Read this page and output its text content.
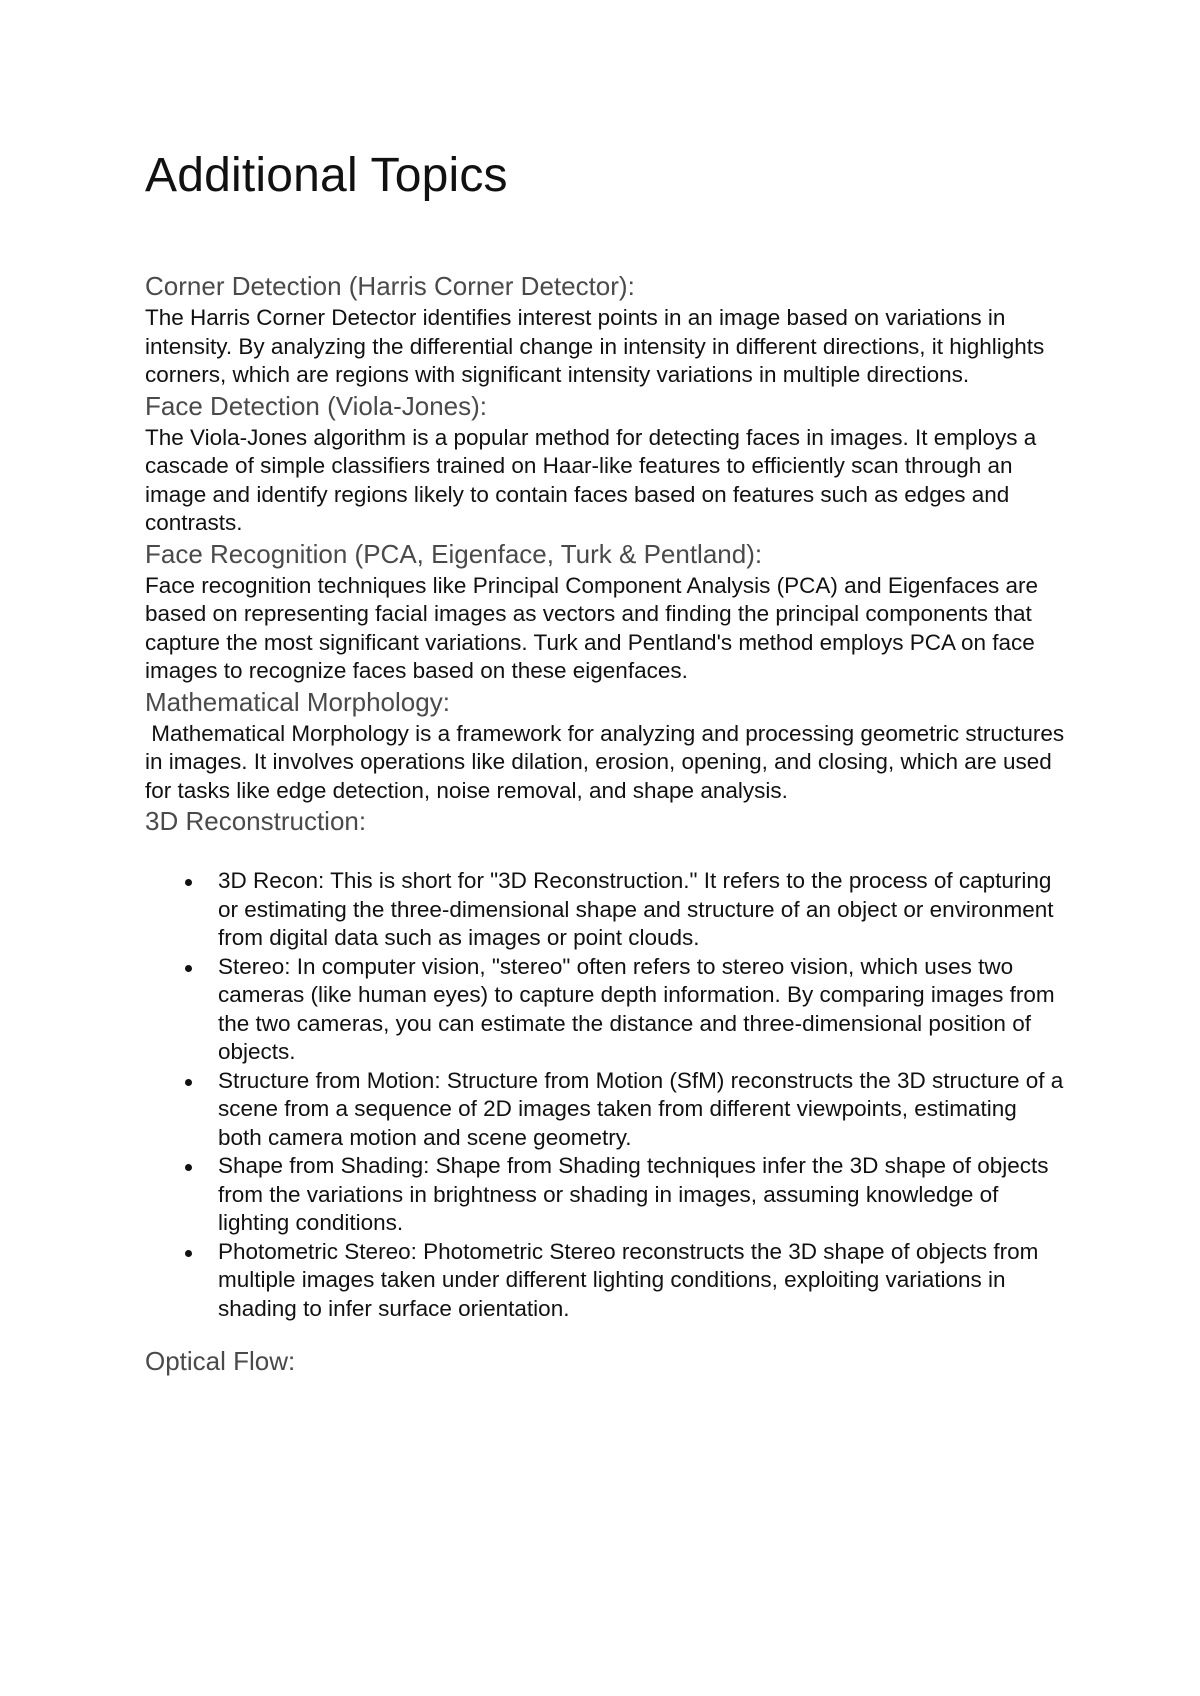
Additional Topics
Corner Detection (Harris Corner Detector):

The Harris Corner Detector identifies interest points in an image based on variations in intensity. By analyzing the differential change in intensity in different directions, it highlights corners, which are regions with significant intensity variations in multiple directions.

Face Detection (Viola-Jones):

The Viola-Jones algorithm is a popular method for detecting faces in images. It employs a cascade of simple classifiers trained on Haar-like features to efficiently scan through an image and identify regions likely to contain faces based on features such as edges and contrasts.

Face Recognition (PCA, Eigenface, Turk & Pentland):

Face recognition techniques like Principal Component Analysis (PCA) and Eigenfaces are based on representing facial images as vectors and finding the principal components that capture the most significant variations. Turk and Pentland's method employs PCA on face images to recognize faces based on these eigenfaces.

Mathematical Morphology:

Mathematical Morphology is a framework for analyzing and processing geometric structures in images. It involves operations like dilation, erosion, opening, and closing, which are used for tasks like edge detection, noise removal, and shape analysis.

3D Reconstruction:
3D Recon: This is short for "3D Reconstruction." It refers to the process of capturing or estimating the three-dimensional shape and structure of an object or environment from digital data such as images or point clouds.
Stereo: In computer vision, "stereo" often refers to stereo vision, which uses two cameras (like human eyes) to capture depth information. By comparing images from the two cameras, you can estimate the distance and three-dimensional position of objects.
Structure from Motion: Structure from Motion (SfM) reconstructs the 3D structure of a scene from a sequence of 2D images taken from different viewpoints, estimating both camera motion and scene geometry.
Shape from Shading: Shape from Shading techniques infer the 3D shape of objects from the variations in brightness or shading in images, assuming knowledge of lighting conditions.
Photometric Stereo: Photometric Stereo reconstructs the 3D shape of objects from multiple images taken under different lighting conditions, exploiting variations in shading to infer surface orientation.
Optical Flow:
